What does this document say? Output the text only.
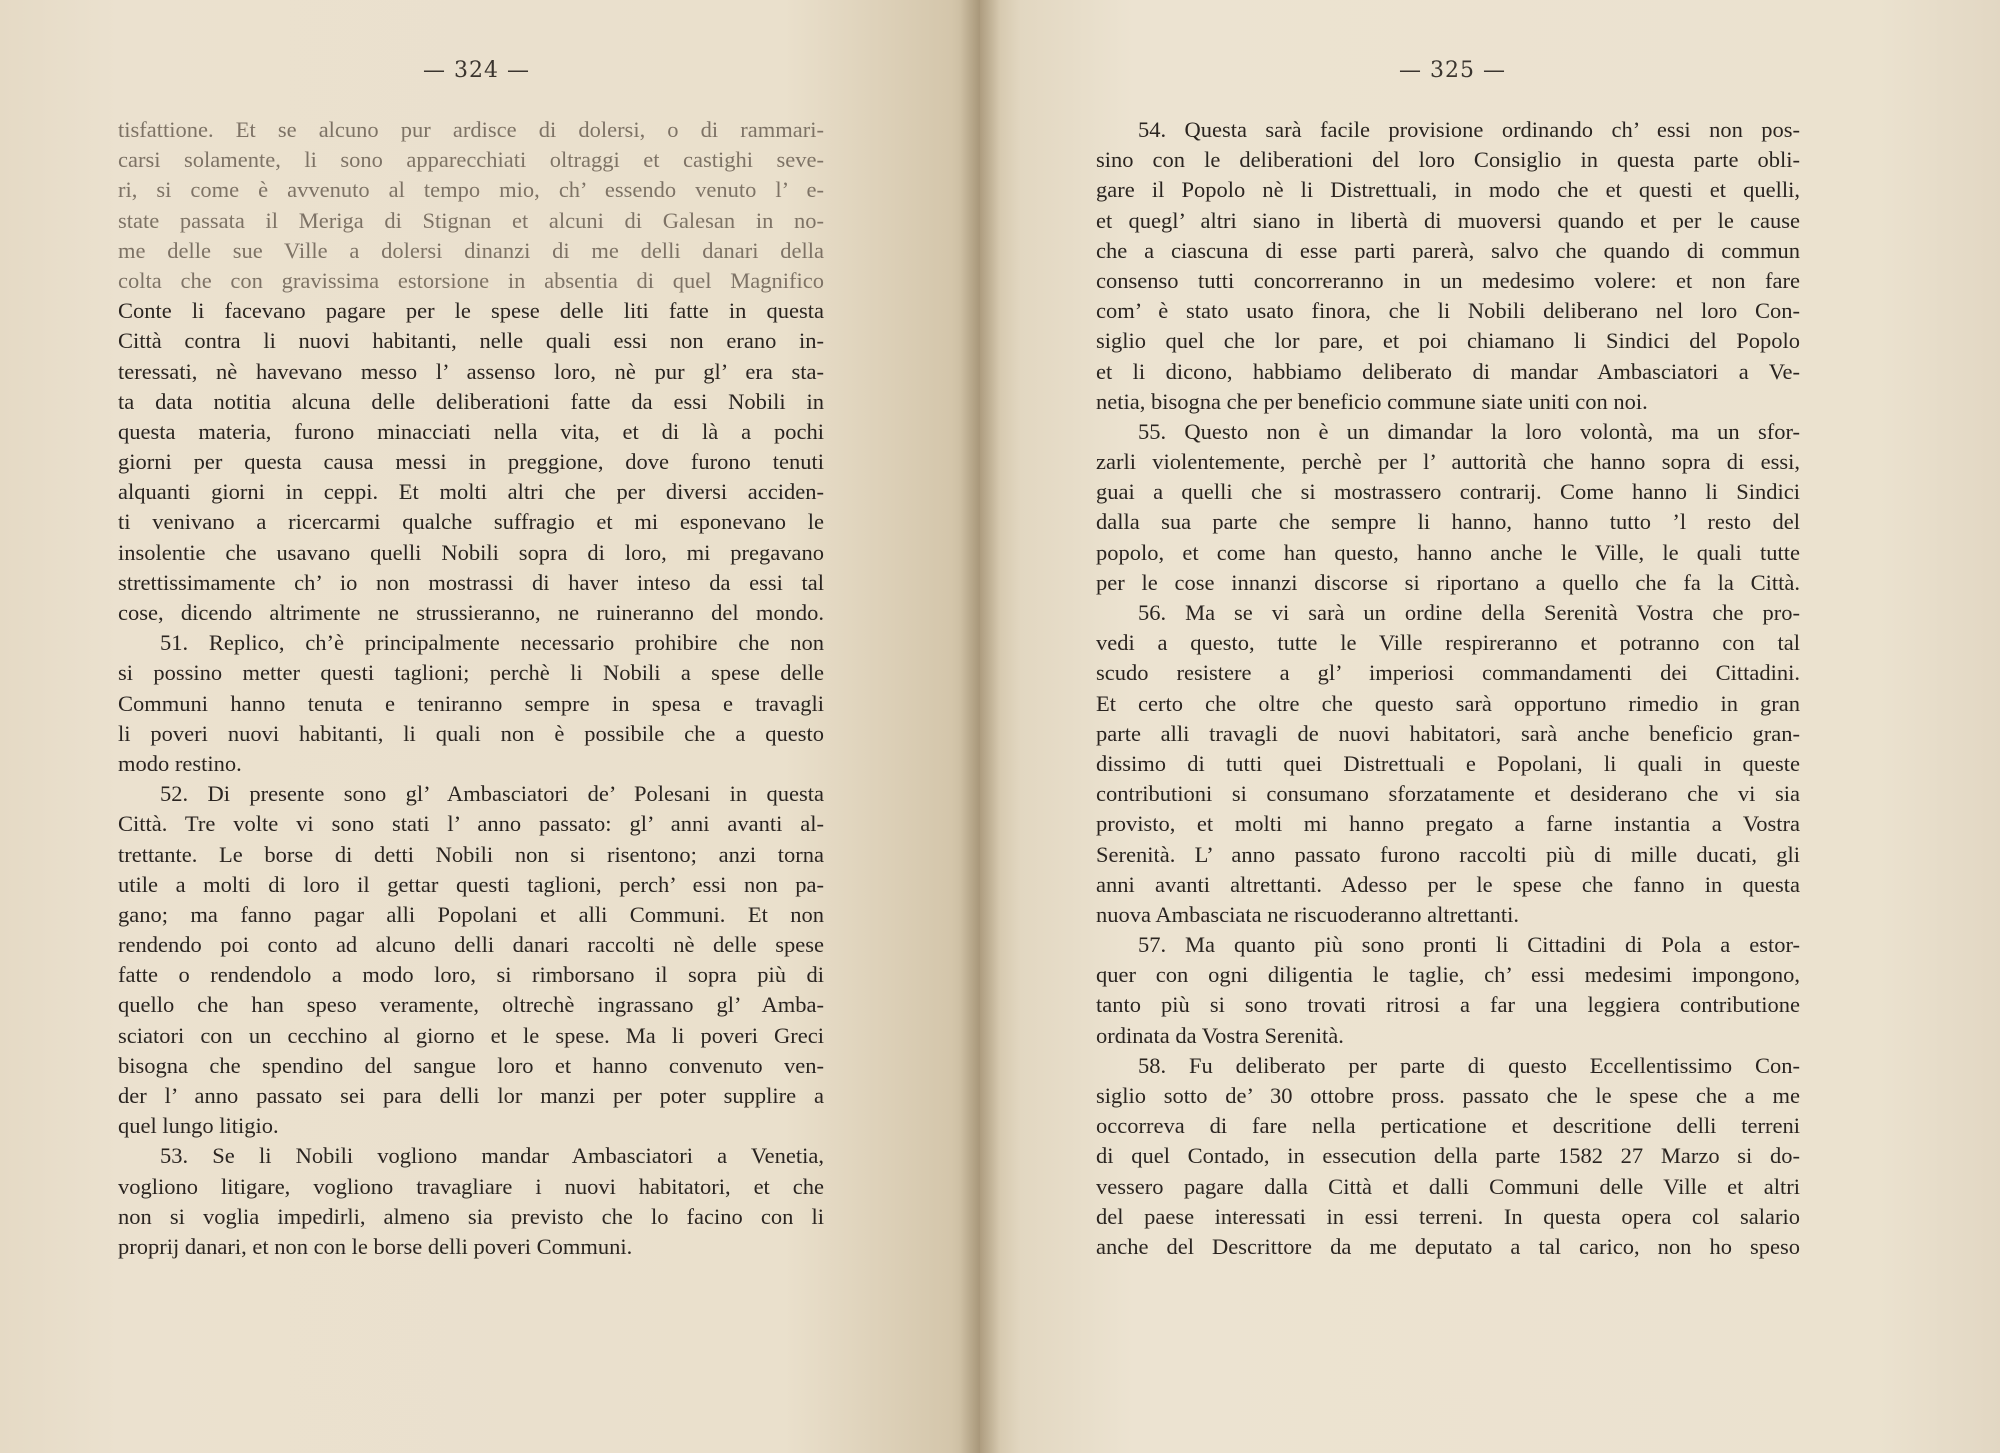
— 324 —
tisfattione. Et se alcuno pur ardisce di dolersi, o di rammari-
carsi solamente, li sono apparecchiati oltraggi et castighi seve-
ri, si come è avvenuto al tempo mio, ch’ essendo venuto l’ e-
state passata il Meriga di Stignan et alcuni di Galesan in no-
me delle sue Ville a dolersi dinanzi di me delli danari della
colta che con gravissima estorsione in absentia di quel Magnifico
Conte li facevano pagare per le spese delle liti fatte in questa
Città contra li nuovi habitanti, nelle quali essi non erano in-
teressati, nè havevano messo l’ assenso loro, nè pur gl’ era sta-
ta data notitia alcuna delle deliberationi fatte da essi Nobili in
questa materia, furono minacciati nella vita, et di là a pochi
giorni per questa causa messi in preggione, dove furono tenuti
alquanti giorni in ceppi. Et molti altri che per diversi acciden-
ti venivano a ricercarmi qualche suffragio et mi esponevano le
insolentie che usavano quelli Nobili sopra di loro, mi pregavano
strettissimamente ch’ io non mostrassi di haver inteso da essi tal
cose, dicendo altrimente ne strussieranno, ne ruineranno del mondo.
51. Replico, ch’è principalmente necessario prohibire che non
si possino metter questi taglioni; perchè li Nobili a spese delle
Communi hanno tenuta e teniranno sempre in spesa e travagli
li poveri nuovi habitanti, li quali non è possibile che a questo
modo restino.
52. Di presente sono gl’ Ambasciatori de’ Polesani in questa
Città. Tre volte vi sono stati l’ anno passato: gl’ anni avanti al-
trettante. Le borse di detti Nobili non si risentono; anzi torna
utile a molti di loro il gettar questi taglioni, perch’ essi non pa-
gano; ma fanno pagar alli Popolani et alli Communi. Et non
rendendo poi conto ad alcuno delli danari raccolti nè delle spese
fatte o rendendolo a modo loro, si rimborsano il sopra più di
quello che han speso veramente, oltrechè ingrassano gl’ Amba-
sciatori con un cecchino al giorno et le spese. Ma li poveri Greci
bisogna che spendino del sangue loro et hanno convenuto ven-
der l’ anno passato sei para delli lor manzi per poter supplire a
quel lungo litigio.
53. Se li Nobili vogliono mandar Ambasciatori a Venetia,
vogliono litigare, vogliono travagliare i nuovi habitatori, et che
non si voglia impedirli, almeno sia previsto che lo facino con li
proprij danari, et non con le borse delli poveri Communi.
— 325 —
54. Questa sarà facile provisione ordinando ch’ essi non pos-
sino con le deliberationi del loro Consiglio in questa parte obli-
gare il Popolo nè li Distrettuali, in modo che et questi et quelli,
et quegl’ altri siano in libertà di muoversi quando et per le cause
che a ciascuna di esse parti parerà, salvo che quando di commun
consenso tutti concorreranno in un medesimo volere: et non fare
com’ è stato usato finora, che li Nobili deliberano nel loro Con-
siglio quel che lor pare, et poi chiamano li Sindici del Popolo
et li dicono, habbiamo deliberato di mandar Ambasciatori a Ve-
netia, bisogna che per beneficio commune siate uniti con noi.
55. Questo non è un dimandar la loro volontà, ma un sfor-
zarli violentemente, perchè per l’ auttorità che hanno sopra di essi,
guai a quelli che si mostrassero contrarij. Come hanno li Sindici
dalla sua parte che sempre li hanno, hanno tutto ’l resto del
popolo, et come han questo, hanno anche le Ville, le quali tutte
per le cose innanzi discorse si riportano a quello che fa la Città.
56. Ma se vi sarà un ordine della Serenità Vostra che pro-
vedi a questo, tutte le Ville respireranno et potranno con tal
scudo resistere a gl’ imperiosi commandamenti dei Cittadini.
Et certo che oltre che questo sarà opportuno rimedio in gran
parte alli travagli de nuovi habitatori, sarà anche beneficio gran-
dissimo di tutti quei Distrettuali e Popolani, li quali in queste
contributioni si consumano sforzatamente et desiderano che vi sia
provisto, et molti mi hanno pregato a farne instantia a Vostra
Serenità. L’ anno passato furono raccolti più di mille ducati, gli
anni avanti altrettanti. Adesso per le spese che fanno in questa
nuova Ambasciata ne riscuoderanno altrettanti.
57. Ma quanto più sono pronti li Cittadini di Pola a estor-
quer con ogni diligentia le taglie, ch’ essi medesimi impongono,
tanto più si sono trovati ritrosi a far una leggiera contributione
ordinata da Vostra Serenità.
58. Fu deliberato per parte di questo Eccellentissimo Con-
siglio sotto de’ 30 ottobre pross. passato che le spese che a me
occorreva di fare nella perticatione et descritione delli terreni
di quel Contado, in essecution della parte 1582 27 Marzo si do-
vessero pagare dalla Città et dalli Communi delle Ville et altri
del paese interessati in essi terreni. In questa opera col salario
anche del Descrittore da me deputato a tal carico, non ho speso
